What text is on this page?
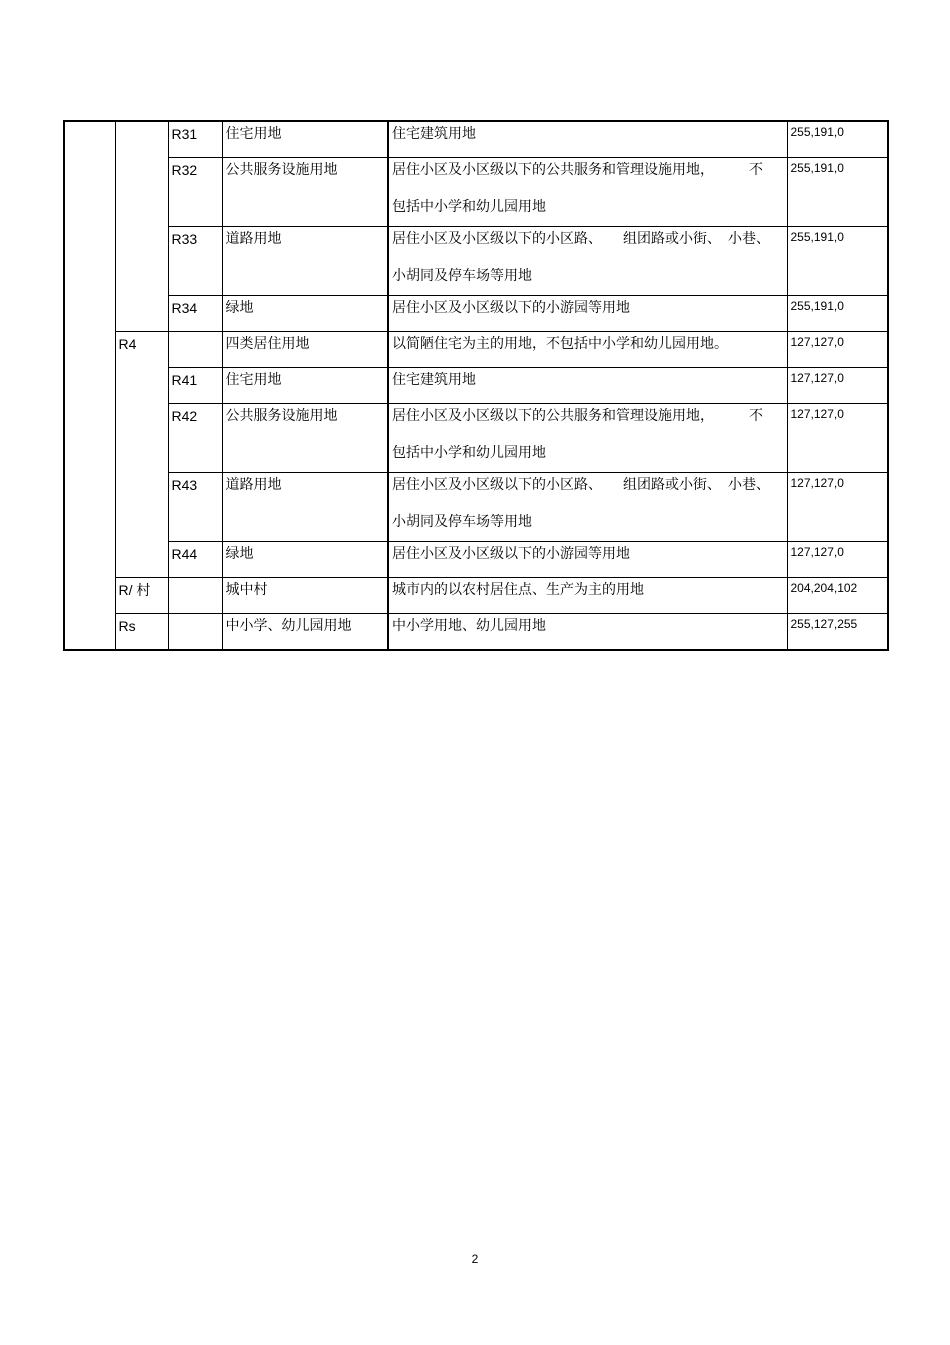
		R31	住宅用地	住宅建筑用地	255,191,0
		R32	公共服务设施用地	居住小区及小区级以下的公共服务和管理设施用地，　　　不
包括中小学和幼儿园用地	255,191,0
		R33	道路用地	居住小区及小区级以下的小区路、　　组团路或小街、　小巷、
小胡同及停车场等用地	255,191,0
		R34	绿地	居住小区及小区级以下的小游园等用地	255,191,0
	R4		四类居住用地	以简陋住宅为主的用地，不包括中小学和幼儿园用地。	127,127,0
		R41	住宅用地	住宅建筑用地	127,127,0
		R42	公共服务设施用地	居住小区及小区级以下的公共服务和管理设施用地，　　　不
包括中小学和幼儿园用地	127,127,0
		R43	道路用地	居住小区及小区级以下的小区路、　　组团路或小街、　小巷、
小胡同及停车场等用地	127,127,0
		R44	绿地	居住小区及小区级以下的小游园等用地	127,127,0
	R/ 村		城中村	城市内的以农村居住点、生产为主的用地	204,204,102
	Rs		中小学、幼儿园用地	中小学用地、幼儿园用地	255,127,255
2
